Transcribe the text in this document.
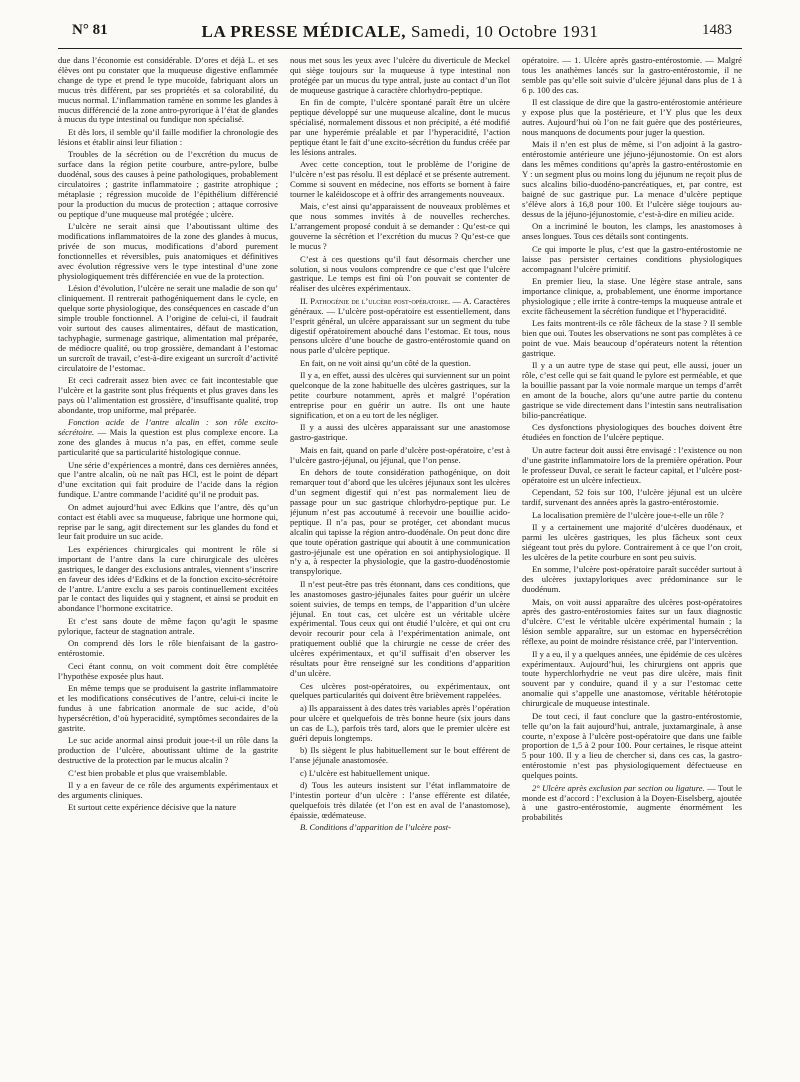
N° 81	LA PRESSE MÉDICALE, Samedi, 10 Octobre 1931	1483

due dans l’économie est considérable. D’ores et déjà L. et ses élèves ont pu constater que la muqueuse digestive enflammée change de type et prend le type mucoïde, fabriquant alors un mucus très différent, par ses propriétés et sa colorabilité, du mucus normal. L’inflammation ramène en somme les glandes à mucus différencié de la zone antro-pyrorique à l’état de glandes à mucus du type intestinal ou fundique non spécialisé.

Et dès lors, il semble qu’il faille modifier la chronologie des lésions et établir ainsi leur filiation :

Troubles de la sécrétion ou de l’excrétion du mucus de surface dans la région petite courbure, antre-pylore, bulbe duodénal, sous des causes à peine pathologiques, probablement circulatoires ; gastrite inflammatoire ; gastrite atrophique ; métaplasie ; régression mucoïde de l’épithélium différencié pour la production du mucus de protection ; attaque corrosive ou peptique d’une muqueuse mal protégée ; ulcère.

L’ulcère ne serait ainsi que l’aboutissant ultime des modifications inflammatoires de la zone des glandes à mucus, privée de son mucus, modifications d’abord purement fonctionnelles et réversibles, puis anatomiques et définitives avec évolution régressive vers le type intestinal d’une zone physiologiquement très différenciée en vue de la protection.

Lésion d’évolution, l’ulcère ne serait une maladie de son qu’ cliniquement. Il rentrerait pathogéniquement dans le cycle, en quelque sorte physiologique, des conséquences en cascade d’un simple trouble fonctionnel. A l’origine de celui-ci, il faudrait voir surtout des causes alimentaires, défaut de mastication, tachyphagie, surmenage gastrique, alimentation mal préparée, de médiocre qualité, ou trop grossière, demandant à l’estomac un surcroît de travail, c’est-à-dire exigeant un surcroît d’activité circulatoire de l’estomac.

Et ceci cadrerait assez bien avec ce fait incontestable que l’ulcère et la gastrite sont plus fréquents et plus graves dans les pays où l’alimentation est grossière, d’insuffisante qualité, trop abondante, trop uniforme, mal préparée.

Fonction acide de l’antre alcalin : son rôle excito-sécrétoire. — Mais la question est plus complexe encore. La zone des glandes à mucus n’a pas, en effet, comme seule particularité que sa particularité histologique connue.

Une série d’expériences a montré, dans ces dernières années, que l’antre alcalin, où ne naît pas HCl, est le point de départ d’une excitation qui fait produire de l’acide dans la région fundique. L’antre commande l’acidité qu’il ne produit pas.

On admet aujourd’hui avec Edkins que l’antre, dès qu’un contact est établi avec sa muqueuse, fabrique une hormone qui, reprise par le sang, agit directement sur les glandes du fond et leur fait produire un suc acide.

Les expériences chirurgicales qui montrent le rôle si important de l’antre dans la cure chirurgicale des ulcères gastriques, le danger des exclusions antrales, viennent s’inscrire en faveur des idées d’Edkins et de la fonction excito-sécrétoire de l’antre. L’antre exclu a ses parois continuellement excitées par le contact des liquides qui y stagnent, et ainsi se produit en abondance l’hormone excitatrice.

Et c’est sans doute de même façon qu’agit le spasme pylorique, facteur de stagnation antrale.

On comprend dès lors le rôle bienfaisant de la gastro-entérostomie.

Ceci étant connu, on voit comment doit être complétée l’hypothèse exposée plus haut.

En même temps que se produisent la gastrite inflammatoire et les modifications consécutives de l’antre, celui-ci incite le fundus à une fabrication anormale de suc acide, d’où hypersécrétion, d’où hyperacidité, symptômes secondaires de la gastrite.

Le suc acide anormal ainsi produit joue-t-il un rôle dans la production de l’ulcère, aboutissant ultime de la gastrite destructive de la protection par le mucus alcalin ?

C’est bien probable et plus que vraisemblable.

Il y a en faveur de ce rôle des arguments expérimentaux et des arguments cliniques.

Et surtout cette expérience décisive que la nature

nous met sous les yeux avec l’ulcère du diverticule de Meckel qui siège toujours sur la muqueuse à type intestinal non protégée par un mucus du type antral, juste au contact d’un îlot de muqueuse gastrique à caractère chlorhydro-peptique.

En fin de compte, l’ulcère spontané paraît être un ulcère peptique développé sur une muqueuse alcaline, dont le mucus spécialisé, normalement dissous et non précipité, a été modifié par une hyperémie préalable et par l’hyperacidité, l’action peptique étant le fait d’une excito-sécrétion du fundus créée par les lésions antrales.

Avec cette conception, tout le problème de l’origine de l’ulcère n’est pas résolu. Il est déplacé et se présente autrement. Comme si souvent en médecine, nos efforts se bornent à faire tourner le kaléidoscope et à offrir des arrangements nouveaux.

Mais, c’est ainsi qu’apparaissent de nouveaux problèmes et que nous sommes invités à de nouvelles recherches. L’arrangement proposé conduit à se demander : Qu’est-ce qui gouverne la sécrétion et l’excrétion du mucus ? Qu’est-ce que le mucus ?

C’est à ces questions qu’il faut désormais chercher une solution, si nous voulons comprendre ce que c’est que l’ulcère gastrique. Le temps est fini où l’on pouvait se contenter de réaliser des ulcères expérimentaux.

II. Pathogénie de l’ulcère post-opératoire. — A. Caractères généraux. — L’ulcère post-opératoire est essentiellement, dans l’esprit général, un ulcère apparaissant sur un segment du tube digestif opératoirement abouché dans l’estomac. Et tous, nous pensons ulcère d’une bouche de gastro-entérostomie quand on nous parle d’ulcère peptique.

En fait, on ne voit ainsi qu’un côté de la question.

Il y a, en effet, aussi des ulcères qui surviennent sur un point quelconque de la zone habituelle des ulcères gastriques, sur la petite courbure notamment, après et malgré l’opération entreprise pour en guérir un autre. Ils ont une haute signification, et on a eu tort de les négliger.

Il y a aussi des ulcères apparaissant sur une anastomose gastro-gastrique.

Mais en fait, quand on parle d’ulcère post-opératoire, c’est à l’ulcère gastro-jéjunal, ou jéjunal, que l’on pense.

En dehors de toute considération pathogénique, on doit remarquer tout d’abord que les ulcères jéjunaux sont les ulcères d’un segment digestif qui n’est pas normalement lieu de passage pour un suc gastrique chlorhydro-peptique pur. Le jéjunum n’est pas accoutumé à recevoir une bouillie acido-peptique. Il n’a pas, pour se protéger, cet abondant mucus alcalin qui tapisse la région antro-duodénale. On peut donc dire que toute opération gastrique qui aboutit à une communication gastro-jéjunale est une opération en soi antiphysiologique. Il n’y a, à respecter la physiologie, que la gastro-duodénostomie transpylorique.

Il n’est peut-être pas très étonnant, dans ces conditions, que les anastomoses gastro-jéjunales faites pour guérir un ulcère soient suivies, de temps en temps, de l’apparition d’un ulcère jéjunal. En tout cas, cet ulcère est un véritable ulcère expérimental. Tous ceux qui ont étudié l’ulcère, et qui ont cru devoir recourir pour cela à l’expérimentation animale, ont pratiquement oublié que la chirurgie ne cesse de créer des ulcères expérimentaux, et qu’il suffisait d’en observer les résultats pour être renseigné sur les conditions d’apparition d’un ulcère.

Ces ulcères post-opératoires, ou expérimentaux, ont quelques particularités qui doivent être brièvement rappelées.

a) Ils apparaissent à des dates très variables après l’opération pour ulcère et quelquefois de très bonne heure (six jours dans un cas de L.), parfois très tard, alors que le premier ulcère est guéri depuis longtemps.

b) Ils siègent le plus habituellement sur le bout efférent de l’anse jéjunale anastomosée.

c) L’ulcère est habituellement unique.

d) Tous les auteurs insistent sur l’état inflammatoire de l’intestin porteur d’un ulcère : l’anse efférente est dilatée, quelquefois très dilatée (et l’on est en aval de l’anastomose), épaissie, œdémateuse.

B. Conditions d’apparition de l’ulcère post-

opératoire. — 1. Ulcère après gastro-entérostomie. — Malgré tous les anathèmes lancés sur la gastro-entérostomie, il ne semble pas qu’elle soit suivie d’ulcère jéjunal dans plus de 1 à 6 p. 100 des cas.

Il est classique de dire que la gastro-entérostomie antérieure y expose plus que la postérieure, et l’Y plus que les deux autres. Aujourd’hui où l’on ne fait guère que des postérieures, nous manquons de documents pour juger la question.

Mais il n’en est plus de même, si l’on adjoint à la gastro-entérostomie antérieure une jéjuno-jéjunostomie. On est alors dans les mêmes conditions qu’après la gastro-entérostomie en Y : un segment plus ou moins long du jéjunum ne reçoit plus de sucs alcalins bilio-duodéno-pancréatiques, et, par contre, est baigné de suc gastrique pur. La menace d’ulcère peptique s’élève alors à 16,8 pour 100. Et l’ulcère siège toujours au-dessus de la jéjuno-jéjunostomie, c’est-à-dire en milieu acide.

On a incriminé le bouton, les clamps, les anastomoses à anses longues. Tous ces détails sont contingents.

Ce qui importe le plus, c’est que la gastro-entérostomie ne laisse pas persister certaines conditions physiologiques accompagnant l’ulcère primitif.

En premier lieu, la stase. Une légère stase antrale, sans importance clinique, a, probablement, une énorme importance physiologique ; elle irrite à contre-temps la muqueuse antrale et excite fâcheusement la sécrétion fundique et l’hyperacidité.

Les faits montrent-ils ce rôle fâcheux de la stase ? Il semble bien que oui. Toutes les observations ne sont pas complètes à ce point de vue. Mais beaucoup d’opérateurs notent la rétention gastrique.

Il y a un autre type de stase qui peut, elle aussi, jouer un rôle, c’est celle qui se fait quand le pylore est perméable, et que la bouillie passant par la voie normale marque un temps d’arrêt en amont de la bouche, alors qu’une autre partie du contenu gastrique se vide directement dans l’intestin sans neutralisation bilio-pancréatique.

Ces dysfonctions physiologiques des bouches doivent être étudiées en fonction de l’ulcère peptique.

Un autre facteur doit aussi être envisagé : l’existence ou non d’une gastrite inflammatoire lors de la première opération. Pour le professeur Duval, ce serait le facteur capital, et l’ulcère post-opératoire est un ulcère infectieux.

Cependant, 52 fois sur 100, l’ulcère jéjunal est un ulcère tardif, survenant des années après la gastro-entérostomie.

La localisation première de l’ulcère joue-t-elle un rôle ?

Il y a certainement une majorité d’ulcères duodénaux, et parmi les ulcères gastriques, les plus fâcheux sont ceux siégeant tout près du pylore. Contrairement à ce que l’on croit, les ulcères de la petite courbure en sont peu suivis.

En somme, l’ulcère post-opératoire paraît succéder surtout à des ulcères juxtapyloriques avec prédominance sur le duodénum.

Mais, on voit aussi apparaître des ulcères post-opératoires après des gastro-entérostomies faites sur un faux diagnostic d’ulcère. C’est le véritable ulcère expérimental humain ; la lésion semble apparaître, sur un estomac en hypersécrétion réflexe, au point de moindre résistance créé, par l’intervention.

Il y a eu, il y a quelques années, une épidémie de ces ulcères expérimentaux. Aujourd’hui, les chirurgiens ont appris que toute hyperchlorhydrie ne veut pas dire ulcère, mais finit souvent par y conduire, quand il y a sur l’estomac cette anomalie qui s’appelle une anastomose, véritable hétérotopie chirurgicale de muqueuse intestinale.

De tout ceci, il faut conclure que la gastro-entérostomie, telle qu’on la fait aujourd’hui, antrale, juxtamarginale, à anse courte, n’expose à l’ulcère post-opératoire que dans une faible proportion de 1,5 à 2 pour 100. Pour certaines, le risque atteint 5 pour 100. Il y a lieu de chercher si, dans ces cas, la gastro-entérostomie n’est pas physiologiquement défectueuse en quelques points.

2° Ulcère après exclusion par section ou ligature. — Tout le monde est d’accord : l’exclusion à la Doyen-Eiselsberg, ajoutée à une gastro-entérostomie, augmente énormément les probabilités
